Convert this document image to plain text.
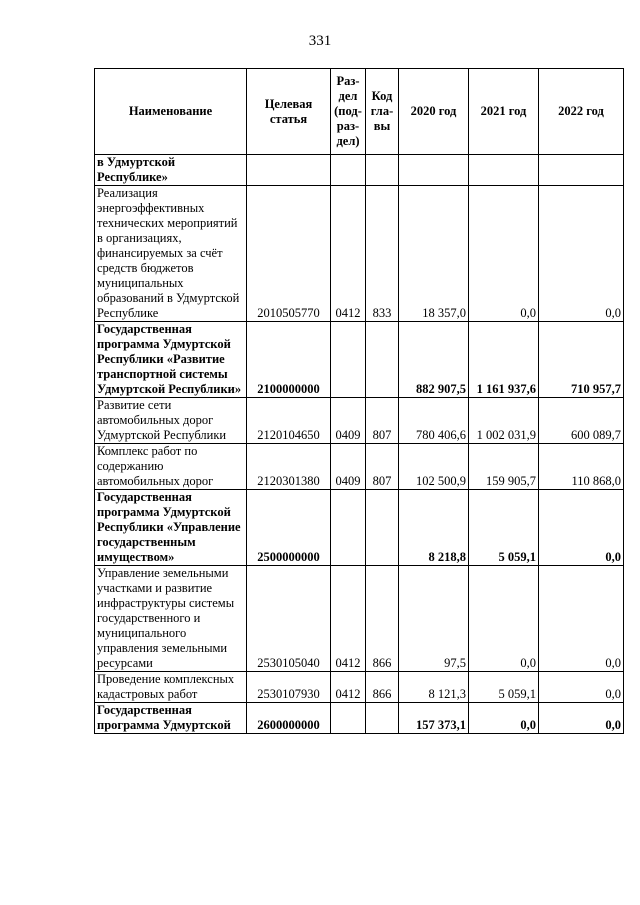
331
Наименование	Целевая статья	Раз-дел (под-раз-дел)	Код гла-вы	2020 год	2021 год	2022 год
в Удмуртской Республике»						
Реализация энергоэффективных технических мероприятий в организациях, финансируемых за счёт средств бюджетов муниципальных образований в Удмуртской Республике	2010505770	0412	833	18 357,0	0,0	0,0
Государственная программа Удмуртской Республики «Развитие транспортной системы Удмуртской Республики»	2100000000			882 907,5	1 161 937,6	710 957,7
Развитие сети автомобильных дорог Удмуртской Республики	2120104650	0409	807	780 406,6	1 002 031,9	600 089,7
Комплекс работ по содержанию автомобильных дорог	2120301380	0409	807	102 500,9	159 905,7	110 868,0
Государственная программа Удмуртской Республики «Управление государственным имуществом»	2500000000			8 218,8	5 059,1	0,0
Управление земельными участками и развитие инфраструктуры системы государственного и муниципального управления земельными ресурсами	2530105040	0412	866	97,5	0,0	0,0
Проведение комплексных кадастровых работ	2530107930	0412	866	8 121,3	5 059,1	0,0
Государственная программа Удмуртской	2600000000			157 373,1	0,0	0,0
